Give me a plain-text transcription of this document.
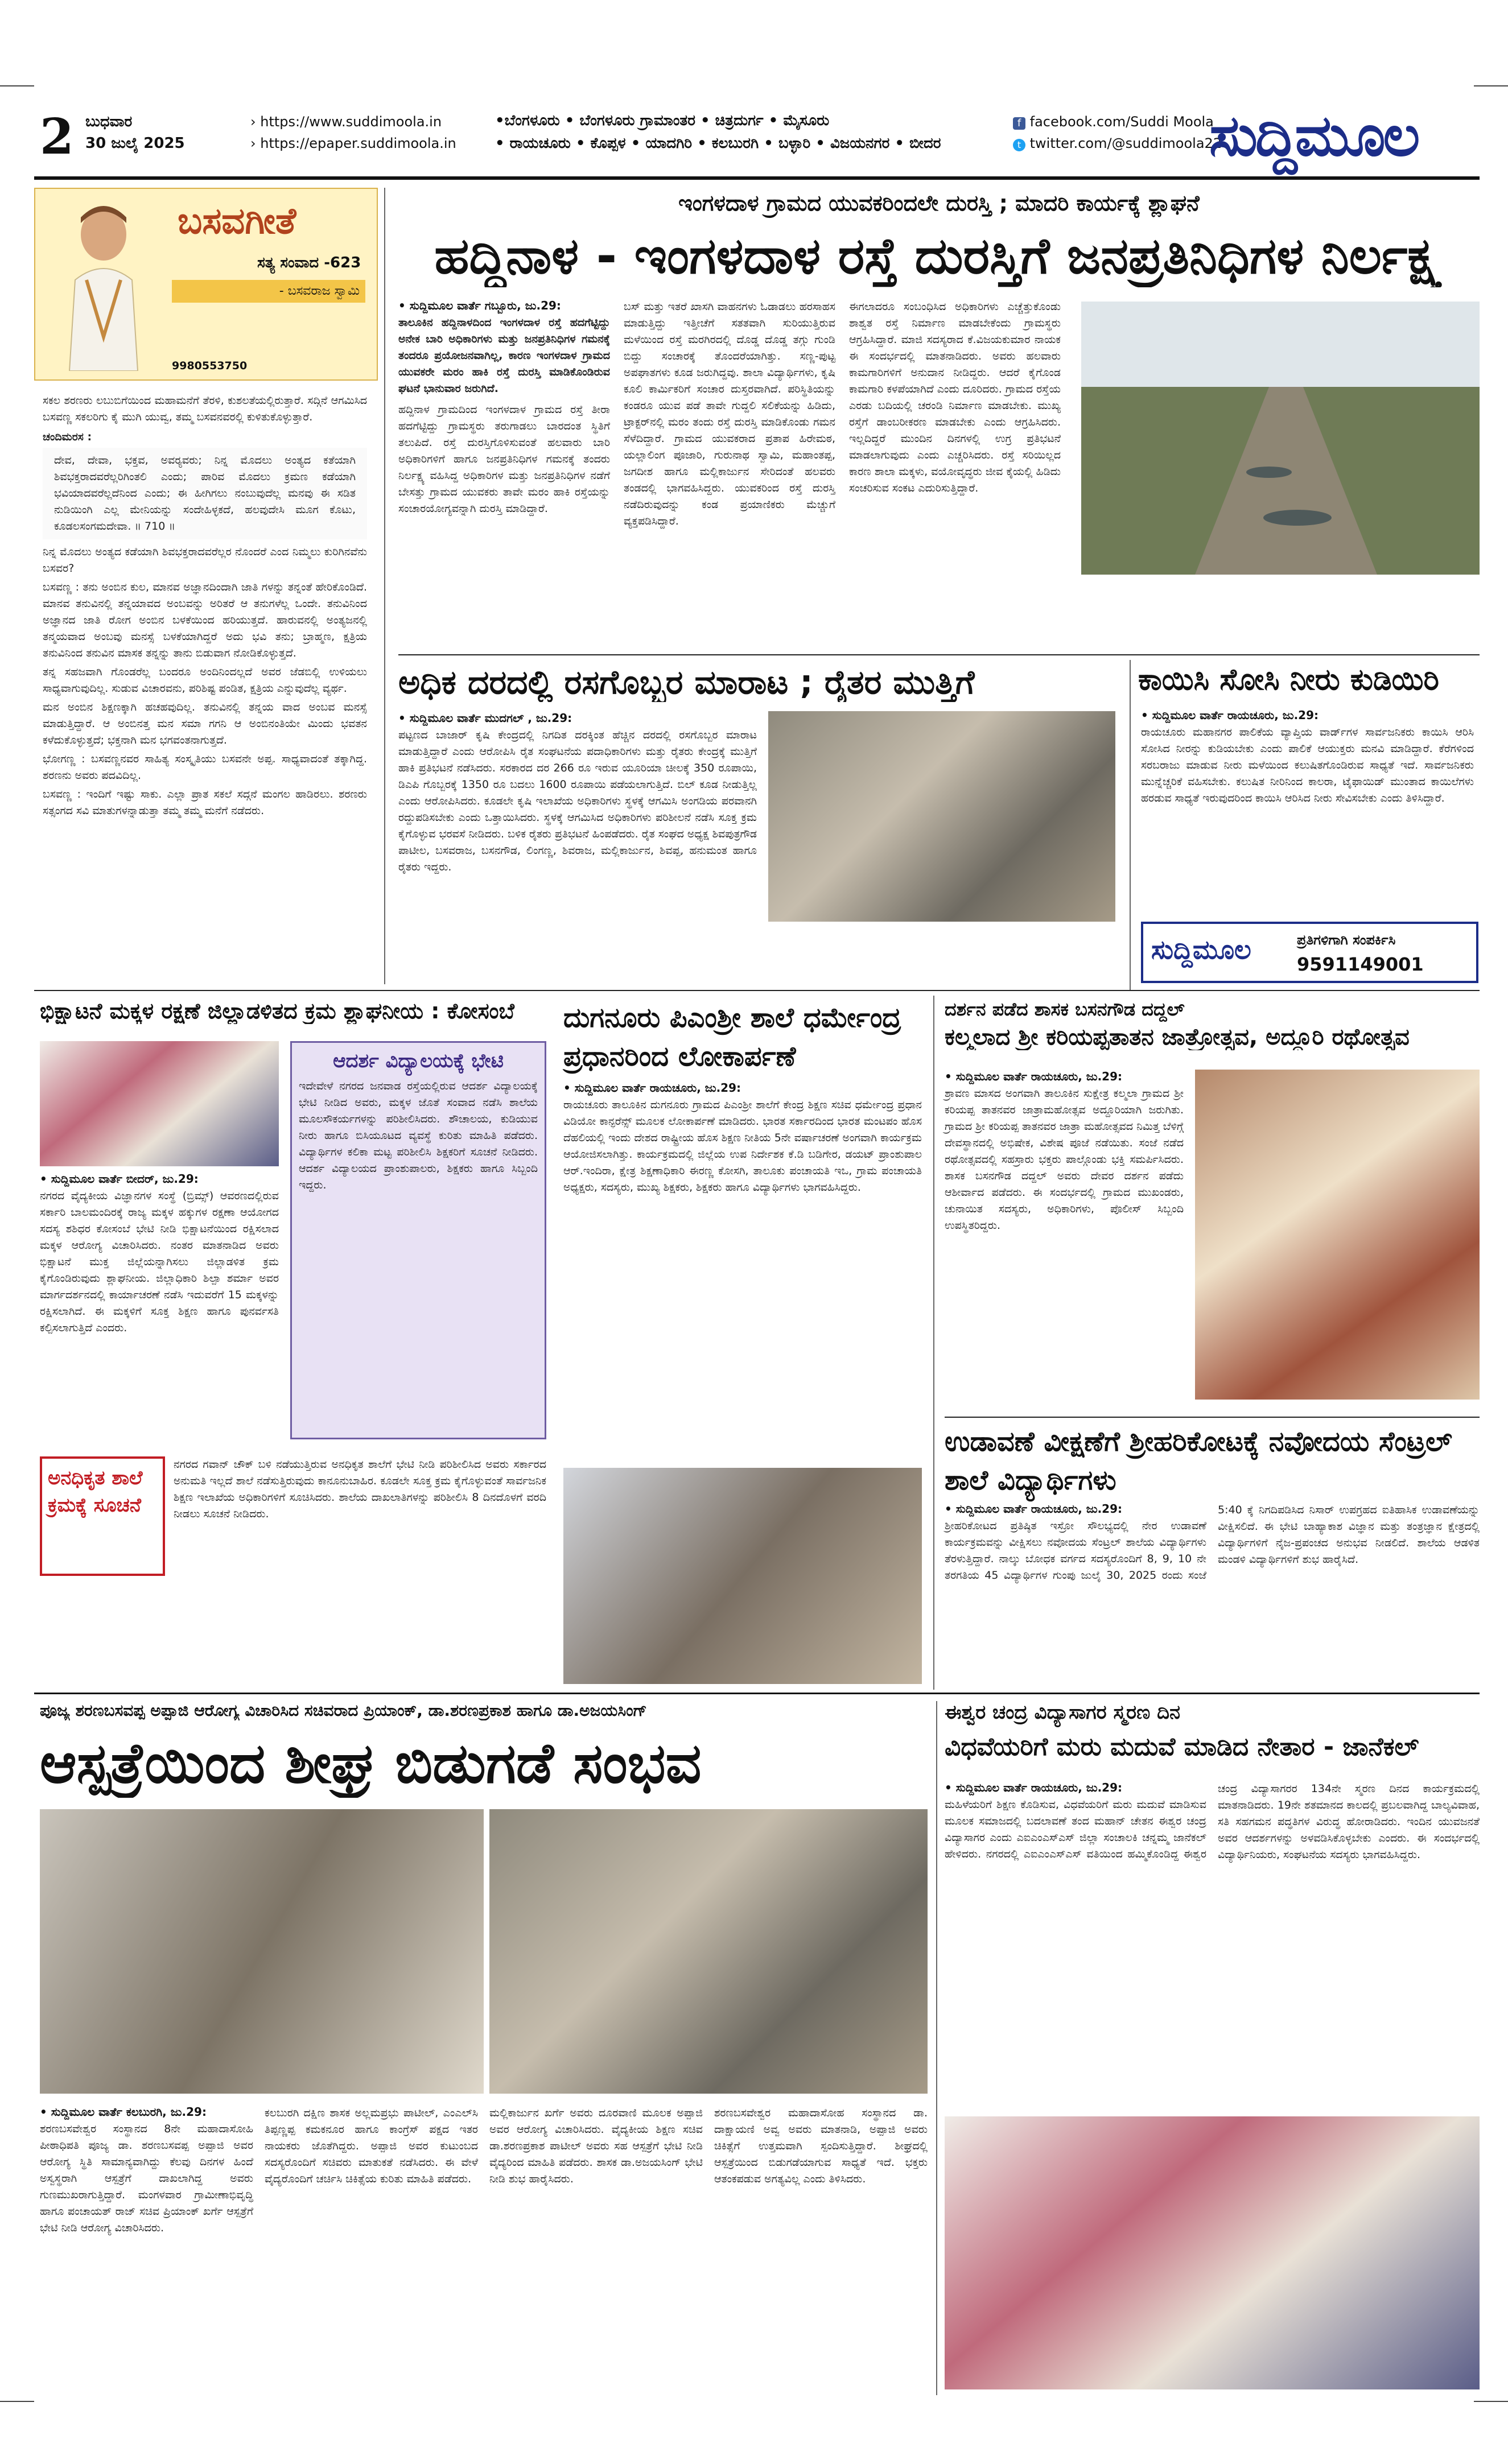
2 ಬುಧವಾರ
30 ಜುಲೈ 2025
› https://www.suddimoola.in
› https://epaper.suddimoola.in
•ಬೆಂಗಳೂರು • ಬೆಂಗಳೂರು ಗ್ರಾಮಾಂತರ • ಚಿತ್ರದುರ್ಗ • ಮೈಸೂರು
• ರಾಯಚೂರು • ಕೊಪ್ಪಳ • ಯಾದಗಿರಿ • ಕಲಬುರಗಿ • ಬಳ್ಳಾರಿ • ವಿಜಯನಗರ • ಬೀದರ
f facebook.com/Suddi Moola
t twitter.com/@suddimoola22
ಸುದ್ದಿಮೂಲ
ಬಸವಗೀತೆ
ಸತ್ಯ ಸಂವಾದ -623
- ಬಸವರಾಜ ಸ್ವಾಮಿ
9980553750

ಸಕಲ ಶರಣರು ಲಬುಬಿಗೆಯಿಂದ ಮಹಾಮನೆಗೆ ತೆರಳಿ, ಕುಶಲತೆಯಲ್ಲಿರುತ್ತಾರೆ. ಸದ್ಗಿನೆ ಆಗಮಿಸಿದ ಬಸವಣ್ಣ ಸಕಲರಿಗು ಕೈ ಮುಗಿ ಯುವ್ವ, ತಮ್ಮ ಬಸವನವರಲ್ಲಿ ಕುಳಿತುಕೊಳ್ಳುತ್ತಾರೆ.

ಚಂದಿಮರಸ :

ದೇವ, ದೇವಾ, ಭಕ್ತವ, ಅವರ್‍ಯವರು; ನಿನ್ನ ಮೊದಲು ಅಂತ್ಯದ ಕತೆಯಾಗಿ ಶಿವಭಕ್ತರಾದವರೆಲ್ಲರಿಗಿಂತಲಿ ಎಂದು; ಪಾರಿವ ಮೊದಲು ಕ್ರಮಣ ಕಡೆಯಾಗಿ ಭವಿಯಾದವರೆಲ್ಲದೆನಿಂದ ಎಂದು; ಈ ಹೀಗಿಗಲು ನಂಬುವುದೆಲ್ಲ ಮನವು ಈ ಸಡಿತ ನುಡಿಯಿಂಗಿ ಎಲ್ಲ ಮೇನಿಯನ್ನು ಸಂದೇಹಿಳ್ಳಕದೆ, ಹಲವುದೇಸಿ ಮೂಗ ಕೊಟು, ಕೂಡಲಸಂಗಮದೇವಾ. ॥ 710 ॥

ನಿನ್ನ ಮೊದಲು ಅಂತ್ಯದ ಕಡೆಯಾಗಿ ಶಿವಭಕ್ತರಾದವರೆಲ್ಲರ ನೊಂದರೆ ಎಂದ ನಿಮ್ಮಲು ಕುರಿಗಿನವೆನು ಬಸವರ?

ಬಸವಣ್ಣ : ತನು ಅಂಬಿನ ಕುಲ, ಮಾನವ ಅಜ್ಞಾನದಿಂದಾಗಿ ಜಾತಿ ಗಳನ್ನು ತನ್ನಂತೆ ಹೇರಿಕೊಂಡಿದೆ. ಮಾನವ ತನುವಿನಲ್ಲಿ ತನ್ನಯಾವದ ಅಂಬವನ್ನು ಅರಿತರೆ ಆ ತನುಗಳೆಲ್ಲ ಒಂದೇ. ತನುವಿನಿಂದ ಅಜ್ಞಾನದ ಜಾತಿ ರೋಗ ಅಂಬಿನ ಬಳಕೆಯಿಂದ ಹರಿಯುತ್ತದೆ. ಹಾರುವನಲ್ಲಿ ಅಂತ್ಯಜನಲ್ಲಿ ತನ್ಮಯವಾದ ಅಂಬವು ಮನಸ್ಸೆ ಬಳಕೆಯಾಗಿದ್ದರೆ ಅದು ಭವಿ ತನು; ಬ್ರಾಹ್ಮಣ, ಕ್ಷತ್ರಿಯ ತನುವಿನಿಂದ ತನುವಿನ ಮಾಸಕ ತನ್ನನ್ನು ತಾನು ಬಿಡುವಾಗ ನೋಡಿಕೊಳ್ಳುತ್ತದೆ.

ತನ್ನ ಸಹಜವಾಗಿ ಗೊಂಡರೆಲ್ಲ ಬಂದರೂ ಅಂದಿನಿಂದಲ್ಲದೆ ಅವರ ಜೆಡಬಿಲ್ಲಿ ಉಳಿಯಲು ಸಾಧ್ಯವಾಗುವುದಿಲ್ಲ. ಸುಡುವ ವಿಚಾರವನು, ಪರಿಶಿಷ್ಟ ಪಂಡಿತ, ಕ್ಷತ್ರಿಯ ಎನ್ನುವುದೆಲ್ಲ ವ್ಯರ್ಥ.

ಮನ ಅಂಬಿನ ಶಿಕ್ಷಣಕ್ಕಾಗಿ ಹಚಹವುದಿಲ್ಲ. ತನುವಿನಲ್ಲಿ ತನ್ನಯ ವಾದ ಅಂಬವ ಮನಸ್ಸೆ ಮಾಡುತ್ತಿದ್ದಾರೆ. ಆ ಅಂಬಿನತ್ತ ಮನ ಸಮಾ ಗಗನಿ ಆ ಅಂಬಿನಂತಿಯೇ ಮಿಂದು ಭವತನ ಕಳೆದುಕೊಳ್ಳುತ್ತದೆ; ಭಕ್ತನಾಗಿ ಮನ ಭಗವಂತನಾಗುತ್ತದೆ.

ಭೋಗಣ್ಣ : ಬಸವಣ್ಣನವರ ಸಾಹಿತ್ಯ ಸಂಸ್ಕೃತಿಯು ಬಸವನೇ ಅಪ್ಪ. ಸಾಧ್ಯವಾದಂತೆ ತಕ್ಕಾಗಿದ್ದ. ಶರಣನು ಅವರು ಪದವಿದಿಲ್ಲ.

ಬಸವಣ್ಣ : ಇಂದಿಗೆ ಇಷ್ಟು ಸಾಕು. ಎಲ್ಲಾ ಪ್ರಾತ ಸಕಲೆ ಸದ್ಗನೆ ಮಂಗಲ ಹಾಡಿರಲು. ಶರಣರು ಸತ್ಸಂಗದ ಸವಿ ಮಾತುಗಳನ್ನಾಡುತ್ತಾ ತಮ್ಮ ತಮ್ಮ ಮನೆಗೆ ನಡೆದರು.

ಇಂಗಳದಾಳ ಗ್ರಾಮದ ಯುವಕರಿಂದಲೇ ದುರಸ್ತಿ ; ಮಾದರಿ ಕಾರ್ಯಕ್ಕೆ ಶ್ಲಾಘನೆ
ಹದ್ದಿನಾಳ - ಇಂಗಳದಾಳ ರಸ್ತೆ ದುರಸ್ತಿಗೆ ಜನಪ್ರತಿನಿಧಿಗಳ ನಿರ್ಲಕ್ಷ್ಯ
• ಸುದ್ದಿಮೂಲ ವಾರ್ತೆ ಗಬ್ಬೂರು, ಜು.29:

ತಾಲೂಕಿನ ಹದ್ದಿನಾಳದಿಂದ ಇಂಗಳದಾಳ ರಸ್ತೆ ಹದಗೆಟ್ಟಿದ್ದು ಅನೇಕ ಬಾರಿ ಅಧಿಕಾರಿಗಳು ಮತ್ತು ಜನಪ್ರತಿನಿಧಿಗಳ ಗಮನಕ್ಕೆ ತಂದರೂ ಪ್ರಯೋಜನವಾಗಿಲ್ಲ, ಕಾರಣ ಇಂಗಳದಾಳ ಗ್ರಾಮದ ಯುವಕರೇ ಮರಂ ಹಾಕಿ ರಸ್ತೆ ದುರಸ್ತಿ ಮಾಡಿಕೊಂಡಿರುವ ಘಟನೆ ಭಾನುವಾರ ಜರುಗಿದೆ.

ಹದ್ದಿನಾಳ ಗ್ರಾಮದಿಂದ ಇಂಗಳದಾಳ ಗ್ರಾಮದ ರಸ್ತೆ ತೀರಾ ಹದಗೆಟ್ಟಿದ್ದು ಗ್ರಾಮಸ್ಥರು ತರುಗಾಡಲು ಬಾರದಂತ ಸ್ಥಿತಿಗೆ ತಲುಪಿದೆ. ರಸ್ತೆ ದುರಸ್ತಿಗೊಳಿಸುವಂತೆ ಹಲವಾರು ಬಾರಿ ಅಧಿಕಾರಿಗಳಿಗೆ ಹಾಗೂ ಜನಪ್ರತಿನಿಧಿಗಳ ಗಮನಕ್ಕೆ ತಂದರು ನಿರ್ಲಕ್ಷ್ಯ ವಹಿಸಿದ್ದ ಅಧಿಕಾರಿಗಳ ಮತ್ತು ಜನಪ್ರತಿನಿಧಿಗಳ ನಡೆಗೆ ಬೇಸತ್ತು ಗ್ರಾಮದ ಯುವಕರು ತಾವೇ ಮರಂ ಹಾಕಿ ರಸ್ತೆಯನ್ನು ಸಂಚಾರಯೋಗ್ಯವನ್ನಾಗಿ ದುರಸ್ತಿ ಮಾಡಿದ್ದಾರೆ.

ಬಸ್ ಮತ್ತು ಇತರೆ ಖಾಸಗಿ ವಾಹನಗಳು ಓಡಾಡಲು ಹರಸಾಹಸ ಮಾಡುತ್ತಿದ್ದು ಇತ್ತೀಚೆಗೆ ಸತತವಾಗಿ ಸುರಿಯುತ್ತಿರುವ ಮಳೆಯಿಂದ ರಸ್ತೆ ಮರಗಿರದಲ್ಲಿ ದೊಡ್ಡ ದೊಡ್ಡ ತಗ್ಗು ಗುಂಡಿ ಬಿದ್ದು ಸಂಚಾರಕ್ಕೆ ತೊಂದರೆಯಾಗಿತ್ತು. ಸಣ್ಣ-ಪುಟ್ಟ ಅಪಘಾತಗಳು ಕೂಡ ಜರುಗಿದ್ದವು. ಶಾಲಾ ವಿದ್ಯಾರ್ಥಿಗಳು, ಕೃಷಿ ಕೂಲಿ ಕಾರ್ಮಿಕರಿಗೆ ಸಂಚಾರ ದುಸ್ತರವಾಗಿದೆ. ಪರಿಸ್ಥಿತಿಯನ್ನು ಕಂಡರೂ ಯುವ ಪಡೆ ತಾವೇ ಗುದ್ದಲಿ ಸಲಿಕೆಯನ್ನು ಹಿಡಿದು, ಟ್ರಾಕ್ಟರ್‌ನಲ್ಲಿ ಮರಂ ತಂದು ರಸ್ತೆ ದುರಸ್ತಿ ಮಾಡಿಕೊಂಡು ಗಮನ ಸೆಳೆದಿದ್ದಾರೆ. ಗ್ರಾಮದ ಯುವಕರಾದ ಪ್ರತಾಪ ಹಿರೇಮಠ, ಯಲ್ಲಾಲಿಂಗ ಪೂಜಾರಿ, ಗುರುನಾಥ ಸ್ವಾಮಿ, ಮಹಾಂತಪ್ಪ, ಜಗದೀಶ ಹಾಗೂ ಮಲ್ಲಿಕಾರ್ಜುನ ಸೇರಿದಂತೆ ಹಲವರು ತಂಡದಲ್ಲಿ ಭಾಗವಹಿಸಿದ್ದರು. ಯುವಕರಿಂದ ರಸ್ತೆ ದುರಸ್ತಿ ನಡೆದಿರುವುದನ್ನು ಕಂಡ ಪ್ರಯಾಣಿಕರು ಮೆಚ್ಚುಗೆ ವ್ಯಕ್ತಪಡಿಸಿದ್ದಾರೆ.

ಈಗಲಾದರೂ ಸಂಬಂಧಿಸಿದ ಅಧಿಕಾರಿಗಳು ಎಚ್ಚೆತ್ತುಕೊಂಡು ಶಾಶ್ವತ ರಸ್ತೆ ನಿರ್ಮಾಣ ಮಾಡಬೇಕೆಂದು ಗ್ರಾಮಸ್ಥರು ಆಗ್ರಹಿಸಿದ್ದಾರೆ. ಮಾಜಿ ಸದಸ್ಯರಾದ ಕೆ.ವಿಜಯಕುಮಾರ ನಾಯಕ ಈ ಸಂದರ್ಭದಲ್ಲಿ ಮಾತನಾಡಿದರು. ಅವರು ಹಲವಾರು ಕಾಮಗಾರಿಗಳಿಗೆ ಅನುದಾನ ನೀಡಿದ್ದರು. ಆದರೆ ಕೈಗೊಂಡ ಕಾಮಗಾರಿ ಕಳಪೆಯಾಗಿದೆ ಎಂದು ದೂರಿದರು. ಗ್ರಾಮದ ರಸ್ತೆಯ ಎರಡು ಬದಿಯಲ್ಲಿ ಚರಂಡಿ ನಿರ್ಮಾಣ ಮಾಡಬೇಕು. ಮುಖ್ಯ ರಸ್ತೆಗೆ ಡಾಂಬರೀಕರಣ ಮಾಡಬೇಕು ಎಂದು ಆಗ್ರಹಿಸಿದರು. ಇಲ್ಲದಿದ್ದರೆ ಮುಂದಿನ ದಿನಗಳಲ್ಲಿ ಉಗ್ರ ಪ್ರತಿಭಟನೆ ಮಾಡಲಾಗುವುದು ಎಂದು ಎಚ್ಚರಿಸಿದರು. ರಸ್ತೆ ಸರಿಯಿಲ್ಲದ ಕಾರಣ ಶಾಲಾ ಮಕ್ಕಳು, ವಯೋವೃದ್ಧರು ಜೀವ ಕೈಯಲ್ಲಿ ಹಿಡಿದು ಸಂಚರಿಸುವ ಸಂಕಟ ಎದುರಿಸುತ್ತಿದ್ದಾರೆ.

ಅಧಿಕ ದರದಲ್ಲಿ ರಸಗೊಬ್ಬರ ಮಾರಾಟ ; ರೈತರ ಮುತ್ತಿಗೆ
• ಸುದ್ದಿಮೂಲ ವಾರ್ತೆ ಮುದಗಲ್ , ಜು.29:

ಪಟ್ಟಣದ ಬಾಜಾರ್ ಕೃಷಿ ಕೇಂದ್ರದಲ್ಲಿ ನಿಗದಿತ ದರಕ್ಕಿಂತ ಹೆಚ್ಚಿನ ದರದಲ್ಲಿ ರಸಗೊಬ್ಬರ ಮಾರಾಟ ಮಾಡುತ್ತಿದ್ದಾರೆ ಎಂದು ಆರೋಪಿಸಿ ರೈತ ಸಂಘಟನೆಯ ಪದಾಧಿಕಾರಿಗಳು ಮತ್ತು ರೈತರು ಕೇಂದ್ರಕ್ಕೆ ಮುತ್ತಿಗೆ ಹಾಕಿ ಪ್ರತಿಭಟನೆ ನಡೆಸಿದರು. ಸರಕಾರದ ದರ 266 ರೂ ಇರುವ ಯೂರಿಯಾ ಚೀಲಕ್ಕೆ 350 ರೂಪಾಯಿ, ಡಿಎಪಿ ಗೊಬ್ಬರಕ್ಕೆ 1350 ರೂ ಬದಲು 1600 ರೂಪಾಯಿ ಪಡೆಯಲಾಗುತ್ತಿದೆ. ಬಿಲ್ ಕೂಡ ನೀಡುತ್ತಿಲ್ಲ ಎಂದು ಆರೋಪಿಸಿದರು. ಕೂಡಲೇ ಕೃಷಿ ಇಲಾಖೆಯ ಅಧಿಕಾರಿಗಳು ಸ್ಥಳಕ್ಕೆ ಆಗಮಿಸಿ ಅಂಗಡಿಯ ಪರವಾನಗಿ ರದ್ದುಪಡಿಸಬೇಕು ಎಂದು ಒತ್ತಾಯಿಸಿದರು. ಸ್ಥಳಕ್ಕೆ ಆಗಮಿಸಿದ ಅಧಿಕಾರಿಗಳು ಪರಿಶೀಲನೆ ನಡೆಸಿ ಸೂಕ್ತ ಕ್ರಮ ಕೈಗೊಳ್ಳುವ ಭರವಸೆ ನೀಡಿದರು. ಬಳಿಕ ರೈತರು ಪ್ರತಿಭಟನೆ ಹಿಂಪಡೆದರು. ರೈತ ಸಂಘದ ಅಧ್ಯಕ್ಷ ಶಿವಪುತ್ರಗೌಡ ಪಾಟೀಲ, ಬಸವರಾಜ, ಬಸನಗೌಡ, ಲಿಂಗಣ್ಣ, ಶಿವರಾಜ, ಮಲ್ಲಿಕಾರ್ಜುನ, ಶಿವಪ್ಪ, ಹನುಮಂತ ಹಾಗೂ ರೈತರು ಇದ್ದರು.

ಕಾಯಿಸಿ ಸೋಸಿ ನೀರು ಕುಡಿಯಿರಿ
• ಸುದ್ದಿಮೂಲ ವಾರ್ತೆ ರಾಯಚೂರು, ಜು.29:

ರಾಯಚೂರು ಮಹಾನಗರ ಪಾಲಿಕೆಯ ವ್ಯಾಪ್ತಿಯ ವಾರ್ಡ್‌ಗಳ ಸಾರ್ವಜನಿಕರು ಕಾಯಿಸಿ ಆರಿಸಿ ಸೋಸಿದ ನೀರನ್ನು ಕುಡಿಯಬೇಕು ಎಂದು ಪಾಲಿಕೆ ಆಯುಕ್ತರು ಮನವಿ ಮಾಡಿದ್ದಾರೆ. ಕೆರೆಗಳಿಂದ ಸರಬರಾಜು ಮಾಡುವ ನೀರು ಮಳೆಯಿಂದ ಕಲುಷಿತಗೊಂಡಿರುವ ಸಾಧ್ಯತೆ ಇದೆ. ಸಾರ್ವಜನಿಕರು ಮುನ್ನೆಚ್ಚರಿಕೆ ವಹಿಸಬೇಕು. ಕಲುಷಿತ ನೀರಿನಿಂದ ಕಾಲರಾ, ಟೈಫಾಯಿಡ್ ಮುಂತಾದ ಕಾಯಿಲೆಗಳು ಹರಡುವ ಸಾಧ್ಯತೆ ಇರುವುದರಿಂದ ಕಾಯಿಸಿ ಆರಿಸಿದ ನೀರು ಸೇವಿಸಬೇಕು ಎಂದು ತಿಳಿಸಿದ್ದಾರೆ.

ಸುದ್ದಿಮೂಲ	ಪ್ರತಿಗಳಿಗಾಗಿ ಸಂಪರ್ಕಿಸಿ
9591149001
ಭಿಕ್ಷಾಟನೆ ಮಕ್ಕಳ ರಕ್ಷಣೆ ಜಿಲ್ಲಾಡಳಿತದ ಕ್ರಮ ಶ್ಲಾಘನೀಯ : ಕೋಸಂಬೆ
• ಸುದ್ದಿಮೂಲ ವಾರ್ತೆ ಬೀದರ್, ಜು.29:

ನಗರದ ವೈದ್ಯಕೀಯ ವಿಜ್ಞಾನಗಳ ಸಂಸ್ಥೆ (ಬ್ರಿಮ್ಸ್) ಆವರಣದಲ್ಲಿರುವ ಸರ್ಕಾರಿ ಬಾಲಮಂದಿರಕ್ಕೆ ರಾಜ್ಯ ಮಕ್ಕಳ ಹಕ್ಕುಗಳ ರಕ್ಷಣಾ ಆಯೋಗದ ಸದಸ್ಯ ಶಶಿಧರ ಕೋಸಂಬೆ ಭೇಟಿ ನೀಡಿ ಭಿಕ್ಷಾಟನೆಯಿಂದ ರಕ್ಷಿಸಲಾದ ಮಕ್ಕಳ ಆರೋಗ್ಯ ವಿಚಾರಿಸಿದರು. ನಂತರ ಮಾತನಾಡಿದ ಅವರು ಭಿಕ್ಷಾಟನೆ ಮುಕ್ತ ಜಿಲ್ಲೆಯನ್ನಾಗಿಸಲು ಜಿಲ್ಲಾಡಳಿತ ಕ್ರಮ ಕೈಗೊಂಡಿರುವುದು ಶ್ಲಾಘನೀಯ. ಜಿಲ್ಲಾಧಿಕಾರಿ ಶಿಲ್ಪಾ ಶರ್ಮಾ ಅವರ ಮಾರ್ಗದರ್ಶನದಲ್ಲಿ ಕಾರ್ಯಾಚರಣೆ ನಡೆಸಿ ಇದುವರೆಗೆ 15 ಮಕ್ಕಳನ್ನು ರಕ್ಷಿಸಲಾಗಿದೆ. ಈ ಮಕ್ಕಳಿಗೆ ಸೂಕ್ತ ಶಿಕ್ಷಣ ಹಾಗೂ ಪುನರ್ವಸತಿ ಕಲ್ಪಿಸಲಾಗುತ್ತಿದೆ ಎಂದರು.

ಆದರ್ಶ ವಿದ್ಯಾಲಯಕ್ಕೆ ಭೇಟಿ

ಇದೇವೇಳೆ ನಗರದ ಜನವಾಡ ರಸ್ತೆಯಲ್ಲಿರುವ ಆದರ್ಶ ವಿದ್ಯಾಲಯಕ್ಕೆ ಭೇಟಿ ನೀಡಿದ ಅವರು, ಮಕ್ಕಳ ಜೊತೆ ಸಂವಾದ ನಡೆಸಿ ಶಾಲೆಯ ಮೂಲಸೌಕರ್ಯಗಳನ್ನು ಪರಿಶೀಲಿಸಿದರು. ಶೌಚಾಲಯ, ಕುಡಿಯುವ ನೀರು ಹಾಗೂ ಬಿಸಿಯೂಟದ ವ್ಯವಸ್ಥೆ ಕುರಿತು ಮಾಹಿತಿ ಪಡೆದರು. ವಿದ್ಯಾರ್ಥಿಗಳ ಕಲಿಕಾ ಮಟ್ಟ ಪರಿಶೀಲಿಸಿ ಶಿಕ್ಷಕರಿಗೆ ಸೂಚನೆ ನೀಡಿದರು. ಆದರ್ಶ ವಿದ್ಯಾಲಯದ ಪ್ರಾಂಶುಪಾಲರು, ಶಿಕ್ಷಕರು ಹಾಗೂ ಸಿಬ್ಬಂದಿ ಇದ್ದರು.

ಅನಧಿಕೃತ ಶಾಲೆ ಕ್ರಮಕ್ಕೆ ಸೂಚನೆ

ನಗರದ ಗವಾನ್ ಚೌಕ್ ಬಳಿ ನಡೆಯುತ್ತಿರುವ ಅನಧಿಕೃತ ಶಾಲೆಗೆ ಭೇಟಿ ನೀಡಿ ಪರಿಶೀಲಿಸಿದ ಅವರು ಸರ್ಕಾರದ ಅನುಮತಿ ಇಲ್ಲದೆ ಶಾಲೆ ನಡೆಸುತ್ತಿರುವುದು ಕಾನೂನುಬಾಹಿರ. ಕೂಡಲೇ ಸೂಕ್ತ ಕ್ರಮ ಕೈಗೊಳ್ಳುವಂತೆ ಸಾರ್ವಜನಿಕ ಶಿಕ್ಷಣ ಇಲಾಖೆಯ ಅಧಿಕಾರಿಗಳಿಗೆ ಸೂಚಿಸಿದರು. ಶಾಲೆಯ ದಾಖಲಾತಿಗಳನ್ನು ಪರಿಶೀಲಿಸಿ 8 ದಿನದೊಳಗೆ ವರದಿ ನೀಡಲು ಸೂಚನೆ ನೀಡಿದರು.

ದುಗನೂರು ಪಿಎಂಶ್ರೀ ಶಾಲೆ ಧರ್ಮೇಂದ್ರ ಪ್ರಧಾನರಿಂದ ಲೋಕಾರ್ಪಣೆ
• ಸುದ್ದಿಮೂಲ ವಾರ್ತೆ ರಾಯಚೂರು, ಜು.29:

ರಾಯಚೂರು ತಾಲೂಕಿನ ದುಗನೂರು ಗ್ರಾಮದ ಪಿಎಂಶ್ರೀ ಶಾಲೆಗೆ ಕೇಂದ್ರ ಶಿಕ್ಷಣ ಸಚಿವ ಧರ್ಮೇಂದ್ರ ಪ್ರಧಾನ ವಿಡಿಯೋ ಕಾನ್ಫರೆನ್ಸ್ ಮೂಲಕ ಲೋಕಾರ್ಪಣೆ ಮಾಡಿದರು. ಭಾರತ ಸರ್ಕಾರದಿಂದ ಭಾರತ ಮಂಟಪಂ ಹೊಸ ದೆಹಲಿಯಲ್ಲಿ ಇಂದು ದೇಶದ ರಾಷ್ಟ್ರೀಯ ಹೊಸ ಶಿಕ್ಷಣ ನೀತಿಯ 5ನೇ ವರ್ಷಾಚರಣೆ ಅಂಗವಾಗಿ ಕಾರ್ಯಕ್ರಮ ಆಯೋಜಿಸಲಾಗಿತ್ತು. ಕಾರ್ಯಕ್ರಮದಲ್ಲಿ ಜಿಲ್ಲೆಯ ಉಪ ನಿರ್ದೇಶಕ ಕೆ.ಡಿ ಬಡಿಗೇರ, ಡಯಟ್ ಪ್ರಾಂಶುಪಾಲ ಆರ್.ಇಂದಿರಾ, ಕ್ಷೇತ್ರ ಶಿಕ್ಷಣಾಧಿಕಾರಿ ಈರಣ್ಣ ಕೋಸಗಿ, ತಾಲೂಕು ಪಂಚಾಯತಿ ಇಒ, ಗ್ರಾಮ ಪಂಚಾಯತಿ ಅಧ್ಯಕ್ಷರು, ಸದಸ್ಯರು, ಮುಖ್ಯ ಶಿಕ್ಷಕರು, ಶಿಕ್ಷಕರು ಹಾಗೂ ವಿದ್ಯಾರ್ಥಿಗಳು ಭಾಗವಹಿಸಿದ್ದರು.

ದರ್ಶನ ಪಡೆದ ಶಾಸಕ ಬಸನಗೌಡ ದದ್ದಲ್
ಕಲ್ಮಲಾದ ಶ್ರೀ ಕರಿಯಪ್ಪತಾತನ ಜಾತ್ರೋತ್ಸವ, ಅದ್ದೂರಿ ರಥೋತ್ಸವ
• ಸುದ್ದಿಮೂಲ ವಾರ್ತೆ ರಾಯಚೂರು, ಜು.29:

ಶ್ರಾವಣ ಮಾಸದ ಅಂಗವಾಗಿ ತಾಲೂಕಿನ ಸುಕ್ಷೇತ್ರ ಕಲ್ಮಲಾ ಗ್ರಾಮದ ಶ್ರೀ ಕರಿಯಪ್ಪ ತಾತನವರ ಜಾತ್ರಾಮಹೋತ್ಸವ ಅದ್ದೂರಿಯಾಗಿ ಜರುಗಿತು. ಗ್ರಾಮದ ಶ್ರೀ ಕರಿಯಪ್ಪ ತಾತನವರ ಜಾತ್ರಾ ಮಹೋತ್ಸವದ ನಿಮಿತ್ತ ಬೆಳಿಗ್ಗೆ ದೇವಸ್ಥಾನದಲ್ಲಿ ಅಭಿಷೇಕ, ವಿಶೇಷ ಪೂಜೆ ನಡೆಯಿತು. ಸಂಜೆ ನಡೆದ ರಥೋತ್ಸವದಲ್ಲಿ ಸಹಸ್ರಾರು ಭಕ್ತರು ಪಾಲ್ಗೊಂಡು ಭಕ್ತಿ ಸಮರ್ಪಿಸಿದರು. ಶಾಸಕ ಬಸನಗೌಡ ದದ್ದಲ್ ಅವರು ದೇವರ ದರ್ಶನ ಪಡೆದು ಆಶೀರ್ವಾದ ಪಡೆದರು. ಈ ಸಂದರ್ಭದಲ್ಲಿ ಗ್ರಾಮದ ಮುಖಂಡರು, ಚುನಾಯಿತ ಸದಸ್ಯರು, ಅಧಿಕಾರಿಗಳು, ಪೊಲೀಸ್ ಸಿಬ್ಬಂದಿ ಉಪಸ್ಥಿತರಿದ್ದರು.

ಉಡಾವಣೆ ವೀಕ್ಷಣೆಗೆ ಶ್ರೀಹರಿಕೋಟಕ್ಕೆ ನವೋದಯ ಸೆಂಟ್ರಲ್ ಶಾಲೆ ವಿದ್ಯಾರ್ಥಿಗಳು
• ಸುದ್ದಿಮೂಲ ವಾರ್ತೆ ರಾಯಚೂರು, ಜು.29:

ಶ್ರೀಹರಿಕೋಟದ ಪ್ರತಿಷ್ಠಿತ ಇಸ್ರೋ ಸೌಲಭ್ಯದಲ್ಲಿ ನೇರ ಉಡಾವಣೆ ಕಾರ್ಯಕ್ರಮವನ್ನು ವೀಕ್ಷಿಸಲು ನವೋದಯ ಸೆಂಟ್ರಲ್ ಶಾಲೆಯ ವಿದ್ಯಾರ್ಥಿಗಳು ತೆರಳುತ್ತಿದ್ದಾರೆ. ನಾಲ್ಕು ಬೋಧಕ ವರ್ಗದ ಸದಸ್ಯರೊಂದಿಗೆ 8, 9, 10 ನೇ ತರಗತಿಯ 45 ವಿದ್ಯಾರ್ಥಿಗಳ ಗುಂಪು ಜುಲೈ 30, 2025 ರಂದು ಸಂಜೆ 5:40 ಕ್ಕೆ ನಿಗದಿಪಡಿಸಿದ ನಿಸಾರ್ ಉಪಗ್ರಹದ ಐತಿಹಾಸಿಕ ಉಡಾವಣೆಯನ್ನು ವೀಕ್ಷಿಸಲಿದೆ. ಈ ಭೇಟಿ ಬಾಹ್ಯಾಕಾಶ ವಿಜ್ಞಾನ ಮತ್ತು ತಂತ್ರಜ್ಞಾನ ಕ್ಷೇತ್ರದಲ್ಲಿ ವಿದ್ಯಾರ್ಥಿಗಳಿಗೆ ನೈಜ-ಪ್ರಪಂಚದ ಅನುಭವ ನೀಡಲಿದೆ. ಶಾಲೆಯ ಆಡಳಿತ ಮಂಡಳಿ ವಿದ್ಯಾರ್ಥಿಗಳಿಗೆ ಶುಭ ಹಾರೈಸಿದೆ.

ಪೂಜ್ಯ ಶರಣಬಸವಪ್ಪ ಅಪ್ಪಾಜಿ ಆರೋಗ್ಯ ವಿಚಾರಿಸಿದ ಸಚಿವರಾದ ಪ್ರಿಯಾಂಕ್, ಡಾ.ಶರಣಪ್ರಕಾಶ ಹಾಗೂ ಡಾ.ಅಜಯಸಿಂಗ್
ಆಸ್ಪತ್ರೆಯಿಂದ ಶೀಘ್ರ ಬಿಡುಗಡೆ ಸಂಭವ
• ಸುದ್ದಿಮೂಲ ವಾರ್ತೆ ಕಲಬುರಗಿ, ಜು.29:

ಶರಣಬಸವೇಶ್ವರ ಸಂಸ್ಥಾನದ 8ನೇ ಮಹಾದಾಸೋಹಿ ಪೀಠಾಧಿಪತಿ ಪೂಜ್ಯ ಡಾ. ಶರಣಬಸವಪ್ಪ ಅಪ್ಪಾಜಿ ಅವರ ಆರೋಗ್ಯ ಸ್ಥಿತಿ ಸಾಮಾನ್ಯವಾಗಿದ್ದು ಕೆಲವು ದಿನಗಳ ಹಿಂದೆ ಅಸ್ವಸ್ಥರಾಗಿ ಆಸ್ಪತ್ರೆಗೆ ದಾಖಲಾಗಿದ್ದ ಅವರು ಗುಣಮುಖರಾಗುತ್ತಿದ್ದಾರೆ. ಮಂಗಳವಾರ ಗ್ರಾಮೀಣಾಭಿವೃದ್ಧಿ ಹಾಗೂ ಪಂಚಾಯತ್ ರಾಜ್ ಸಚಿವ ಪ್ರಿಯಾಂಕ್ ಖರ್ಗೆ ಆಸ್ಪತ್ರೆಗೆ ಭೇಟಿ ನೀಡಿ ಆರೋಗ್ಯ ವಿಚಾರಿಸಿದರು.

ಕಲಬುರಗಿ ದಕ್ಷಿಣ ಶಾಸಕ ಅಲ್ಲಮಪ್ರಭು ಪಾಟೀಲ್, ಎಂಎಲ್‌ಸಿ ತಿಪ್ಪಣ್ಣಪ್ಪ ಕಮಕನೂರ ಹಾಗೂ ಕಾಂಗ್ರೆಸ್ ಪಕ್ಷದ ಇತರ ನಾಯಕರು ಜೊತೆಗಿದ್ದರು. ಅಪ್ಪಾಜಿ ಅವರ ಕುಟುಂಬದ ಸದಸ್ಯರೊಂದಿಗೆ ಸಚಿವರು ಮಾತುಕತೆ ನಡೆಸಿದರು. ಈ ವೇಳೆ ವೈದ್ಯರೊಂದಿಗೆ ಚರ್ಚಿಸಿ ಚಿಕಿತ್ಸೆಯ ಕುರಿತು ಮಾಹಿತಿ ಪಡೆದರು.

ಮಲ್ಲಿಕಾರ್ಜುನ ಖರ್ಗೆ ಅವರು ದೂರವಾಣಿ ಮೂಲಕ ಅಪ್ಪಾಜಿ ಅವರ ಆರೋಗ್ಯ ವಿಚಾರಿಸಿದರು. ವೈದ್ಯಕೀಯ ಶಿಕ್ಷಣ ಸಚಿವ ಡಾ.ಶರಣಪ್ರಕಾಶ ಪಾಟೀಲ್ ಅವರು ಸಹ ಆಸ್ಪತ್ರೆಗೆ ಭೇಟಿ ನೀಡಿ ವೈದ್ಯರಿಂದ ಮಾಹಿತಿ ಪಡೆದರು. ಶಾಸಕ ಡಾ.ಅಜಯಸಿಂಗ್ ಭೇಟಿ ನೀಡಿ ಶುಭ ಹಾರೈಸಿದರು.

ಶರಣಬಸವೇಶ್ವರ ಮಹಾದಾಸೋಹ ಸಂಸ್ಥಾನದ ಡಾ. ದಾಕ್ಷಾಯಣಿ ಅವ್ವ ಅವರು ಮಾತನಾಡಿ, ಅಪ್ಪಾಜಿ ಅವರು ಚಿಕಿತ್ಸೆಗೆ ಉತ್ತಮವಾಗಿ ಸ್ಪಂದಿಸುತ್ತಿದ್ದಾರೆ. ಶೀಘ್ರದಲ್ಲಿ ಆಸ್ಪತ್ರೆಯಿಂದ ಬಿಡುಗಡೆಯಾಗುವ ಸಾಧ್ಯತೆ ಇದೆ. ಭಕ್ತರು ಆತಂಕಪಡುವ ಅಗತ್ಯವಿಲ್ಲ ಎಂದು ತಿಳಿಸಿದರು.

ಈಶ್ವರ ಚಂದ್ರ ವಿದ್ಯಾಸಾಗರ ಸ್ಮರಣ ದಿನ
ವಿಧವೆಯರಿಗೆ ಮರು ಮದುವೆ ಮಾಡಿದ ನೇತಾರ - ಜಾನೆಕಲ್
• ಸುದ್ದಿಮೂಲ ವಾರ್ತೆ ರಾಯಚೂರು, ಜು.29:

ಮಹಿಳೆಯರಿಗೆ ಶಿಕ್ಷಣ ಕೊಡಿಸುವ, ವಿಧವೆಯರಿಗೆ ಮರು ಮದುವೆ ಮಾಡಿಸುವ ಮೂಲಕ ಸಮಾಜದಲ್ಲಿ ಬದಲಾವಣೆ ತಂದ ಮಹಾನ್ ಚೇತನ ಈಶ್ವರ ಚಂದ್ರ ವಿದ್ಯಾಸಾಗರ ಎಂದು ಎಐಎಂಎಸ್‌ಎಸ್ ಜಿಲ್ಲಾ ಸಂಚಾಲಕಿ ಚನ್ನಮ್ಮ ಜಾನೆಕಲ್ ಹೇಳಿದರು. ನಗರದಲ್ಲಿ ಎಐಎಂಎಸ್‌ಎಸ್ ವತಿಯಿಂದ ಹಮ್ಮಿಕೊಂಡಿದ್ದ ಈಶ್ವರ ಚಂದ್ರ ವಿದ್ಯಾಸಾಗರರ 134ನೇ ಸ್ಮರಣ ದಿನದ ಕಾರ್ಯಕ್ರಮದಲ್ಲಿ ಮಾತನಾಡಿದರು. 19ನೇ ಶತಮಾನದ ಕಾಲದಲ್ಲಿ ಪ್ರಬಲವಾಗಿದ್ದ ಬಾಲ್ಯವಿವಾಹ, ಸತಿ ಸಹಗಮನ ಪದ್ಧತಿಗಳ ವಿರುದ್ಧ ಹೋರಾಡಿದರು. ಇಂದಿನ ಯುವಜನತೆ ಅವರ ಆದರ್ಶಗಳನ್ನು ಅಳವಡಿಸಿಕೊಳ್ಳಬೇಕು ಎಂದರು. ಈ ಸಂದರ್ಭದಲ್ಲಿ ವಿದ್ಯಾರ್ಥಿನಿಯರು, ಸಂಘಟನೆಯ ಸದಸ್ಯರು ಭಾಗವಹಿಸಿದ್ದರು.
